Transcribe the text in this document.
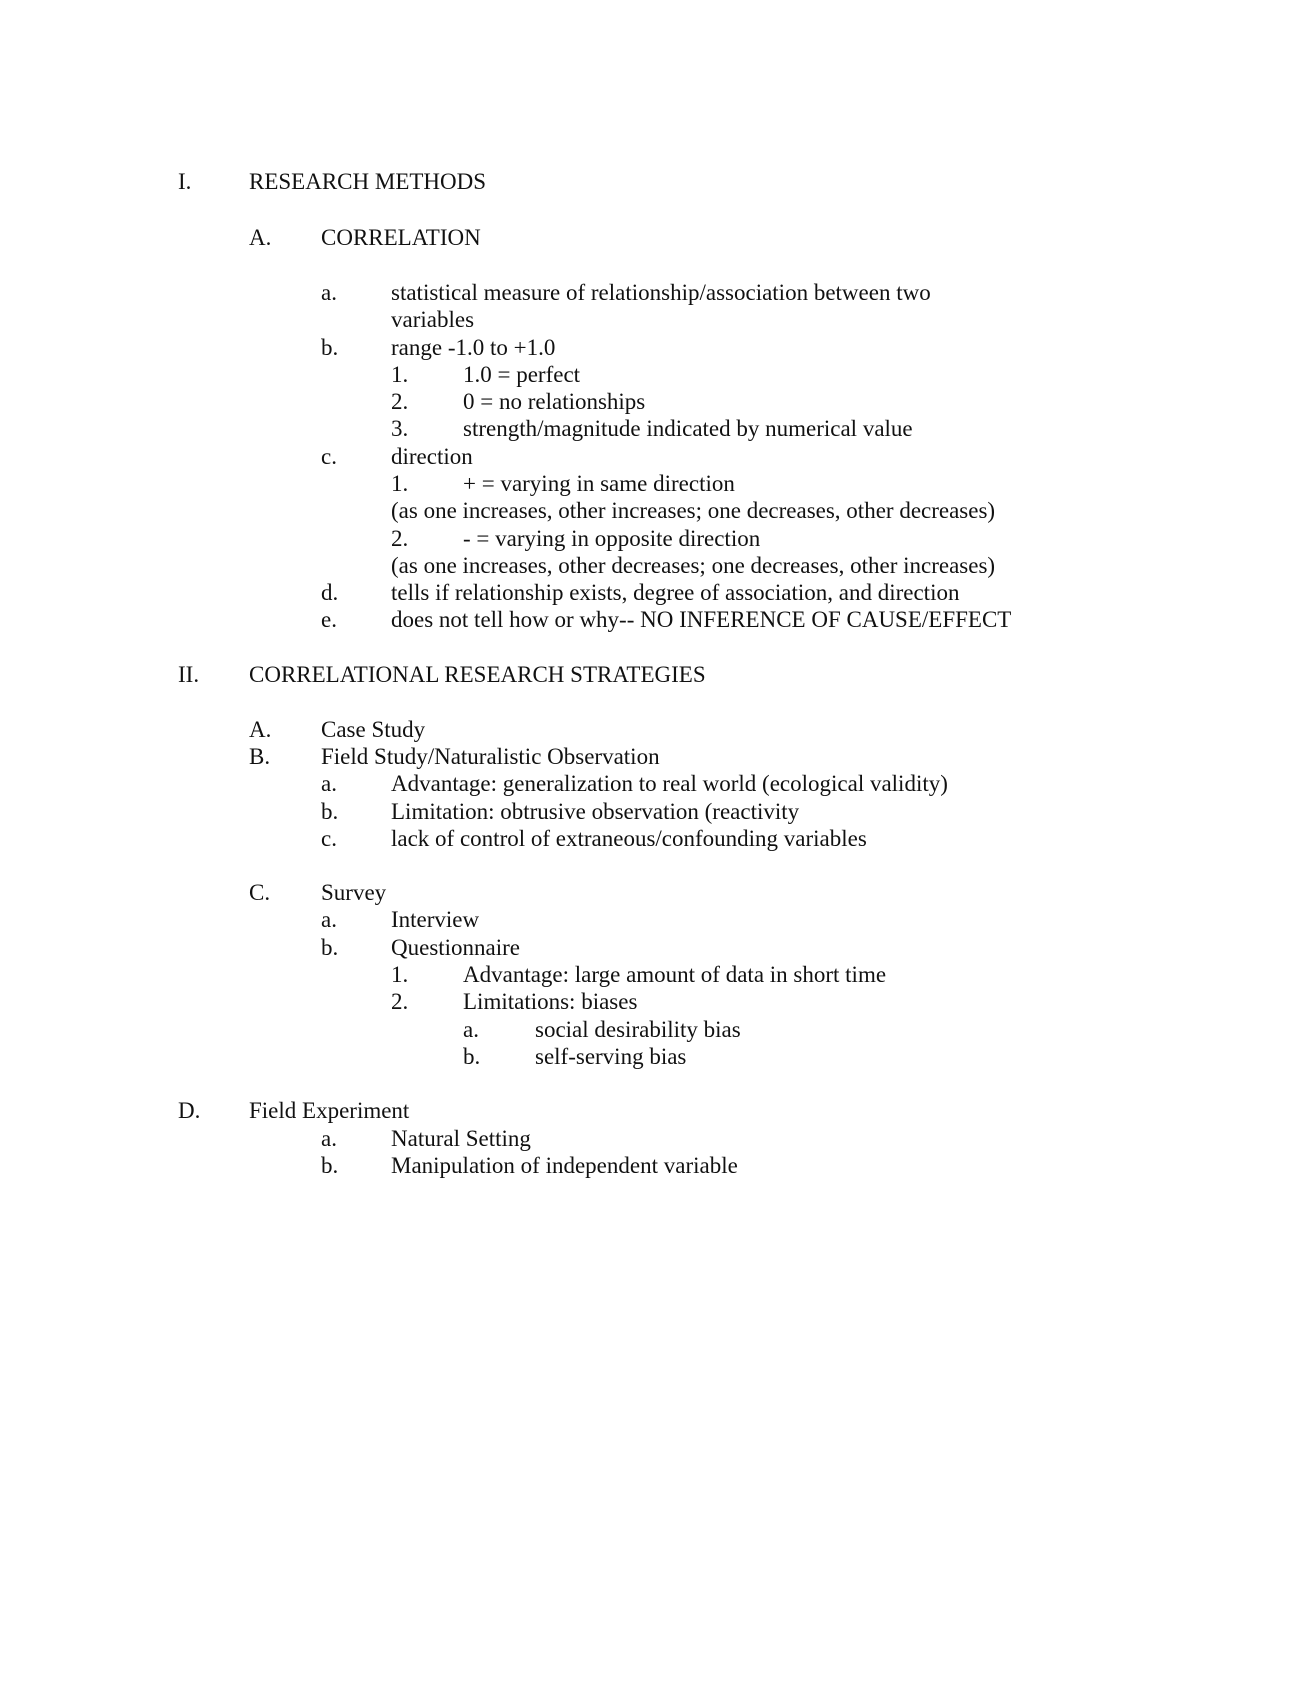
I.	RESEARCH METHODS
A. CORRELATION
a. statistical measure of relationship/association between two
variables
b. range -1.0 to +1.0
1. 1.0 = perfect
2. 0 = no relationships
3. strength/magnitude indicated by numerical value
c. direction
1. + = varying in same direction
(as one increases, other increases; one decreases, other decreases)
2. - = varying in opposite direction
(as one increases, other decreases; one decreases, other increases)
d. tells if relationship exists, degree of association, and direction
e. does not tell how or why-- NO INFERENCE OF CAUSE/EFFECT
II. CORRELATIONAL RESEARCH STRATEGIES
A. Case Study
B. Field Study/Naturalistic Observation
a. Advantage: generalization to real world (ecological validity)
b. Limitation: obtrusive observation (reactivity
c. lack of control of extraneous/confounding variables
C. Survey
a. Interview
b. Questionnaire
1. Advantage: large amount of data in short time
2. Limitations: biases
a. social desirability bias
b. self-serving bias
D. Field Experiment
a. Natural Setting
b. Manipulation of independent variable
